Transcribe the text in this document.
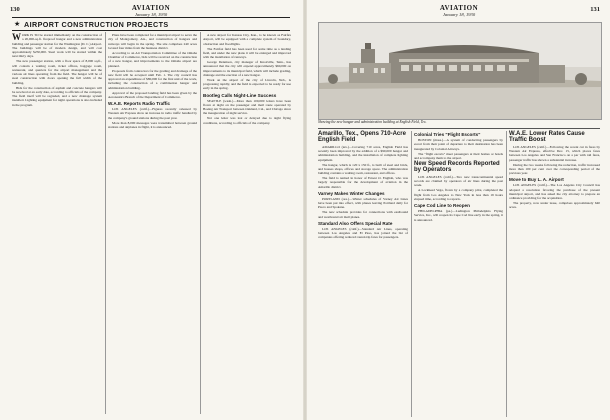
130	AVIATION
January 18, 1930
★ AIRPORT CONSTRUCTION PROJECTS

WORK IS TO be started immediately on the construction of a 20,000-sq.ft. fireproof hangar and a new administration building and passenger station for the Washington (D. C.) Airport. The buildings will be of modern design, and will cost approximately $250,000. Steel work will be started within the next thirty days.

The new passenger station, with a floor space of 8,000 sq.ft., will contain a waiting room, ticket offices, baggage room, restaurant, and quarters for the airport management and the various air lines operating from the field. The hangar will be of steel construction with doors opening the full width of the building.

Bids for the construction of asphalt and concrete hangars will be received at an early date, according to officials of the company. The field itself will be regraded, and a new drainage system installed. Lighting equipment for night operations is also included in the program.

Plans have been completed for a municipal airport to serve the city of Montgomery, Ala., and construction of hangars and runways will begin in the spring. The site comprises 240 acres located four miles from the business district.

According to an Air Transportation Committee of the Omaha Chamber of Commerce, bids will be received on the construction of a new hangar, and improvements to the Omaha airport are planned.

Proposals from contractors for the grading and drainage of the new field will be accepted until Feb. 1. The city council has approved an expenditure of $80,000 for the first unit of the work, including the construction of a combination hangar and administration building.

Approval of the proposed landing field has been given by the Aeronautics Branch of the Department of Commerce.

W.A.E. Reports Radio Traffic

LOS ANGELES (calif.)—Figures recently released by Western Air Express show an increase in radio traffic handled by the company's ground stations during the past year.

More than 8,000 messages were transmitted between ground stations and airplanes in flight, it is announced.

A new airport for Kansas City, Kan., to be known as Fairfax Airport, will be equipped with a complete system of boundary, obstruction and floodlights.

The Fairfax field has been used for some time as a landing field, and under the new plans it will be enlarged and improved with the installation of runways.

George Dennison, city manager of Knoxville, Tenn., has announced that the city will expend approximately $60,000 on improvements to its municipal field, which will include grading, drainage and the erection of a new hangar.

Work on the airport of the city of Lincoln, Neb., is progressing rapidly, and the field is expected to be ready for use early in the spring.

Bootleg Calls Night-Line Success

SEATTLE (wash.)—More than 100,000 letters have been flown at night on the passenger and mail route operated by Boeing Air Transport between Oakland, Cal., and Chicago since the inauguration of night service.

Not one letter was lost or delayed due to night flying conditions, according to officials of the company.

AVIATION
January 18, 1930
131
Showing the new hangar and administration building at English Field, Tex.
Amarillo, Tex., Opens 710-Acre English Field

AMARILLO (tex.)—Covering 710 acres, English Field has recently been improved by the addition of a $90,000 hangar and administration building, and the installation of complete lighting equipment.

The hangar, which is 120 x 150 ft., is built of steel and brick, and houses shops, offices and storage space. The administration building contains a waiting room, restaurant, and offices.

The field is named in honor of Ernest O. English, who was largely responsible for the development of aviation in the Amarillo district.

Varney Makes Winter Changes

PORTLAND (ore.)—Winter schedules of Varney Air Lines have been put into effect, with planes leaving Portland daily for Pasco and Spokane.

The new schedule provides for connections with eastbound and westbound air mail planes.

Standard Also Offers Special Rate

LOS ANGELES (calif.)—Standard Air Lines, operating between Los Angeles and El Paso, has joined the list of companies offering reduced round-trip fares for passengers.

Colonial Tries "Flight Escorts"

BOSTON (mass.)—A system of conducting passengers by escort from their point of departure to their destination has been inaugurated by Colonial Airways.

The "flight escorts" meet passengers at their homes or hotels and accompany them to the airport.

New Speed Records Reported by Operators

LOS ANGELES (calif.)—Two new transcontinental speed records are claimed by operators of air lines during the past week.

A Lockheed Vega, flown by a company pilot, completed the flight from Los Angeles to New York in less than 19 hours elapsed time, according to reports.

Cape Cod Line to Reopen

PHILADELPHIA (pa.)—Ludington Philadelphia Flying Service, Inc., will reopen its Cape Cod line early in the spring, it is announced.

W.A.E. Lower Rates Cause Traffic Boost

LOS ANGELES (calif.)—Following the recent cut in fares by Western Air Express, effective Dec. 15, which places fares between Los Angeles and San Francisco on a par with rail fares, passenger traffic has shown a substantial increase.

During the two weeks following the reduction, traffic increased more than 100 per cent over the corresponding period of the previous year.

Move to Buy L. A. Airport

LOS ANGELES (calif.)—The Los Angeles City Council has adopted a resolution favoring the purchase of the present municipal airport, and has asked the city attorney to prepare an ordinance providing for the acquisition.

The property, now under lease, comprises approximately 640 acres.
